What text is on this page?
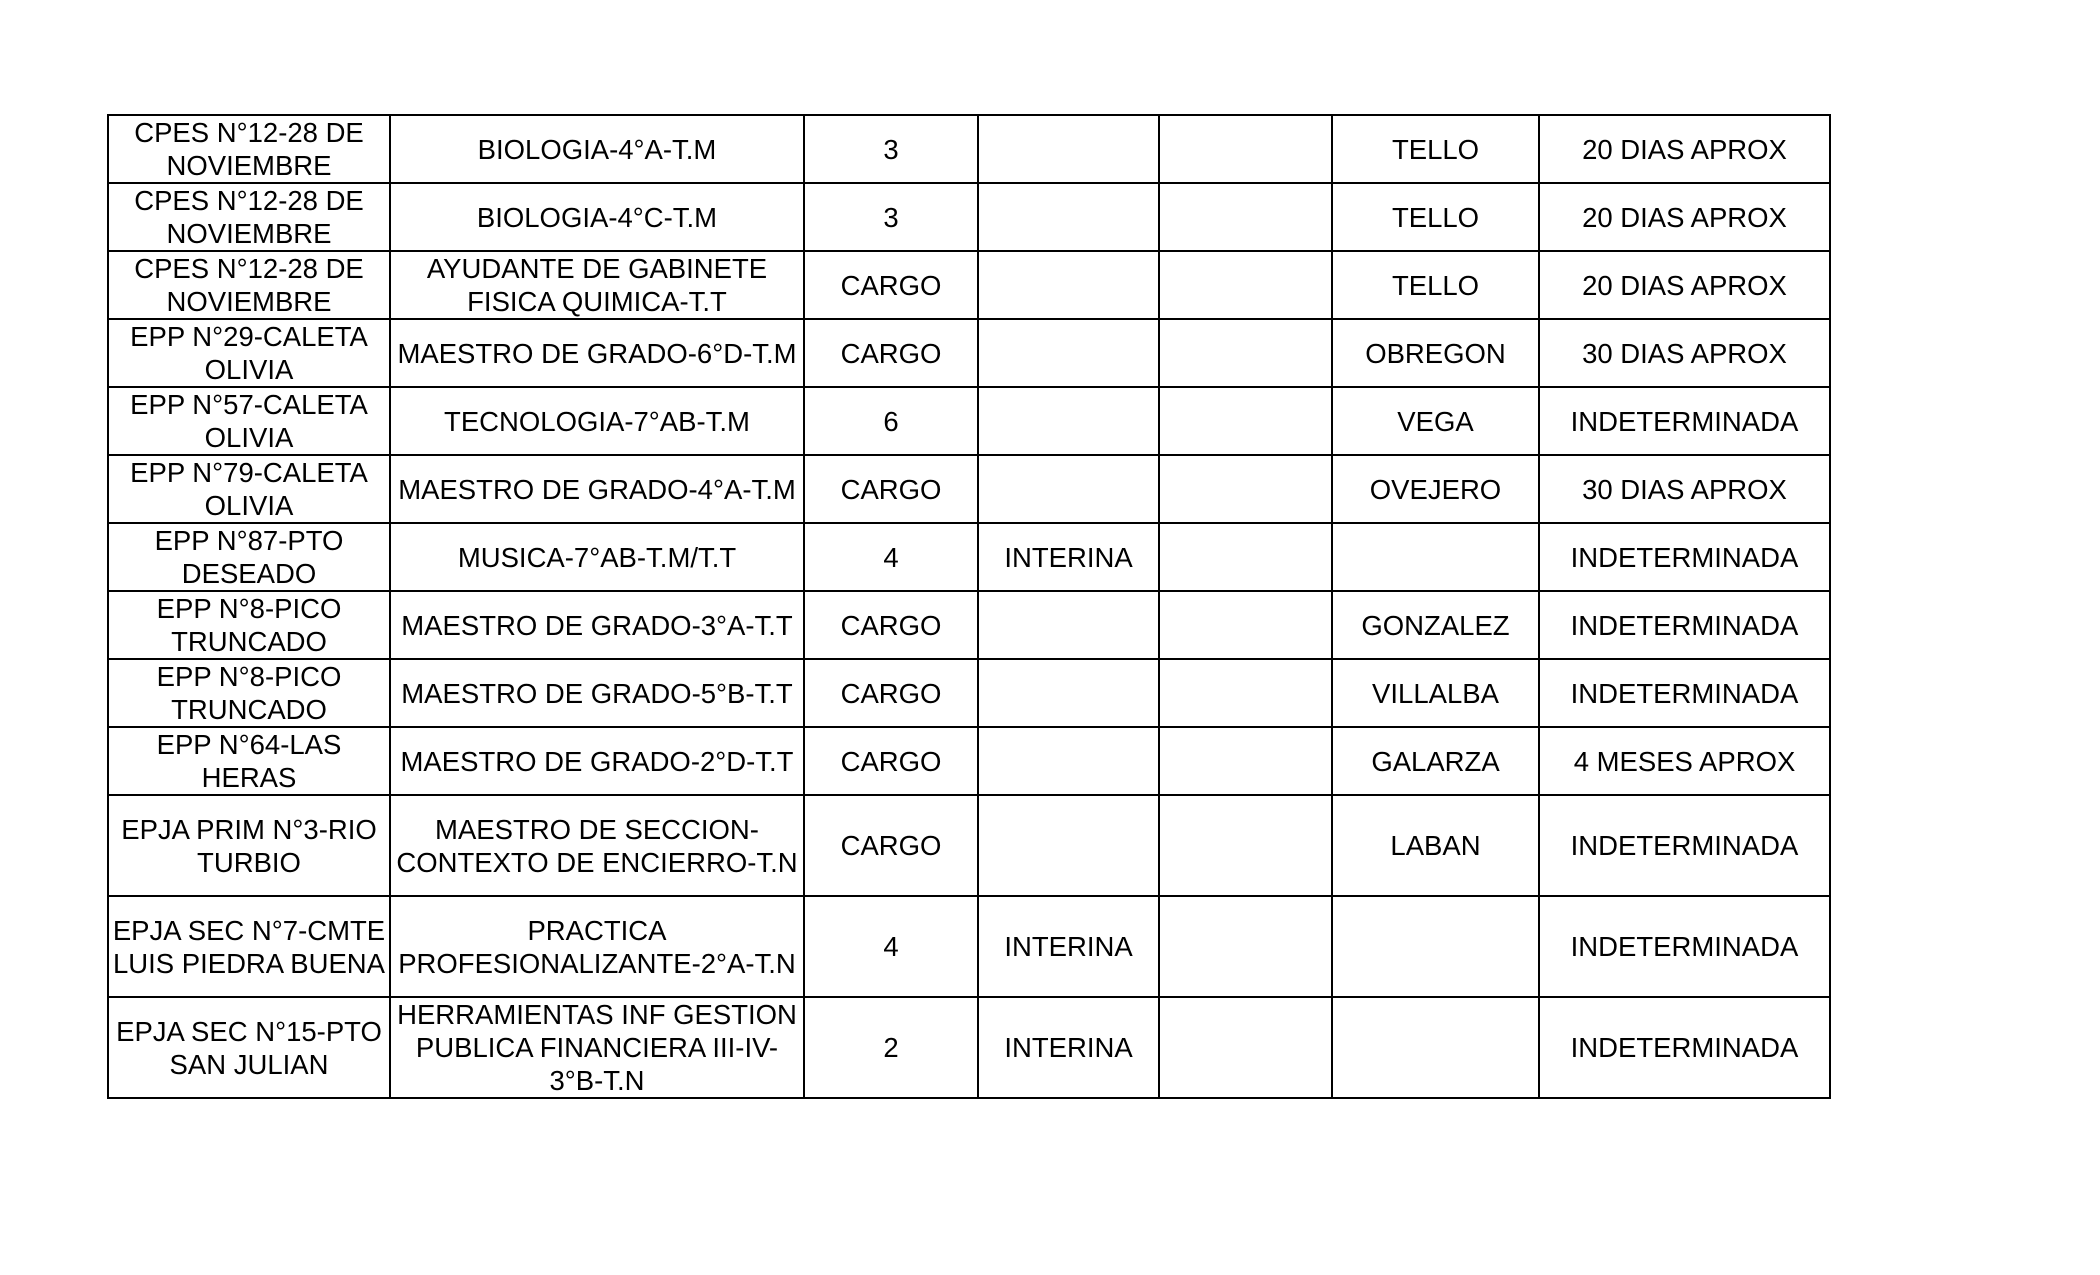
CPES N°12-28 DE NOVIEMBRE	BIOLOGIA-4°A-T.M	3			TELLO	20 DIAS APROX
CPES N°12-28 DE NOVIEMBRE	BIOLOGIA-4°C-T.M	3			TELLO	20 DIAS APROX
CPES N°12-28 DE NOVIEMBRE	AYUDANTE DE GABINETE FISICA QUIMICA-T.T	CARGO			TELLO	20 DIAS APROX
EPP N°29-CALETA OLIVIA	MAESTRO DE GRADO-6°D-T.M	CARGO			OBREGON	30 DIAS APROX
EPP N°57-CALETA OLIVIA	TECNOLOGIA-7°AB-T.M	6			VEGA	INDETERMINADA
EPP N°79-CALETA OLIVIA	MAESTRO DE GRADO-4°A-T.M	CARGO			OVEJERO	30 DIAS APROX
EPP N°87-PTO DESEADO	MUSICA-7°AB-T.M/T.T	4	INTERINA			INDETERMINADA
EPP N°8-PICO TRUNCADO	MAESTRO DE GRADO-3°A-T.T	CARGO			GONZALEZ	INDETERMINADA
EPP N°8-PICO TRUNCADO	MAESTRO DE GRADO-5°B-T.T	CARGO			VILLALBA	INDETERMINADA
EPP N°64-LAS HERAS	MAESTRO DE GRADO-2°D-T.T	CARGO			GALARZA	4 MESES APROX
EPJA PRIM N°3-RIO TURBIO	MAESTRO DE SECCION-CONTEXTO DE ENCIERRO-T.N	CARGO			LABAN	INDETERMINADA
EPJA SEC N°7-CMTE LUIS PIEDRA BUENA	PRACTICA PROFESIONALIZANTE-2°A-T.N	4	INTERINA			INDETERMINADA
EPJA SEC N°15-PTO SAN JULIAN	HERRAMIENTAS INF GESTION PUBLICA FINANCIERA III-IV-3°B-T.N	2	INTERINA			INDETERMINADA
